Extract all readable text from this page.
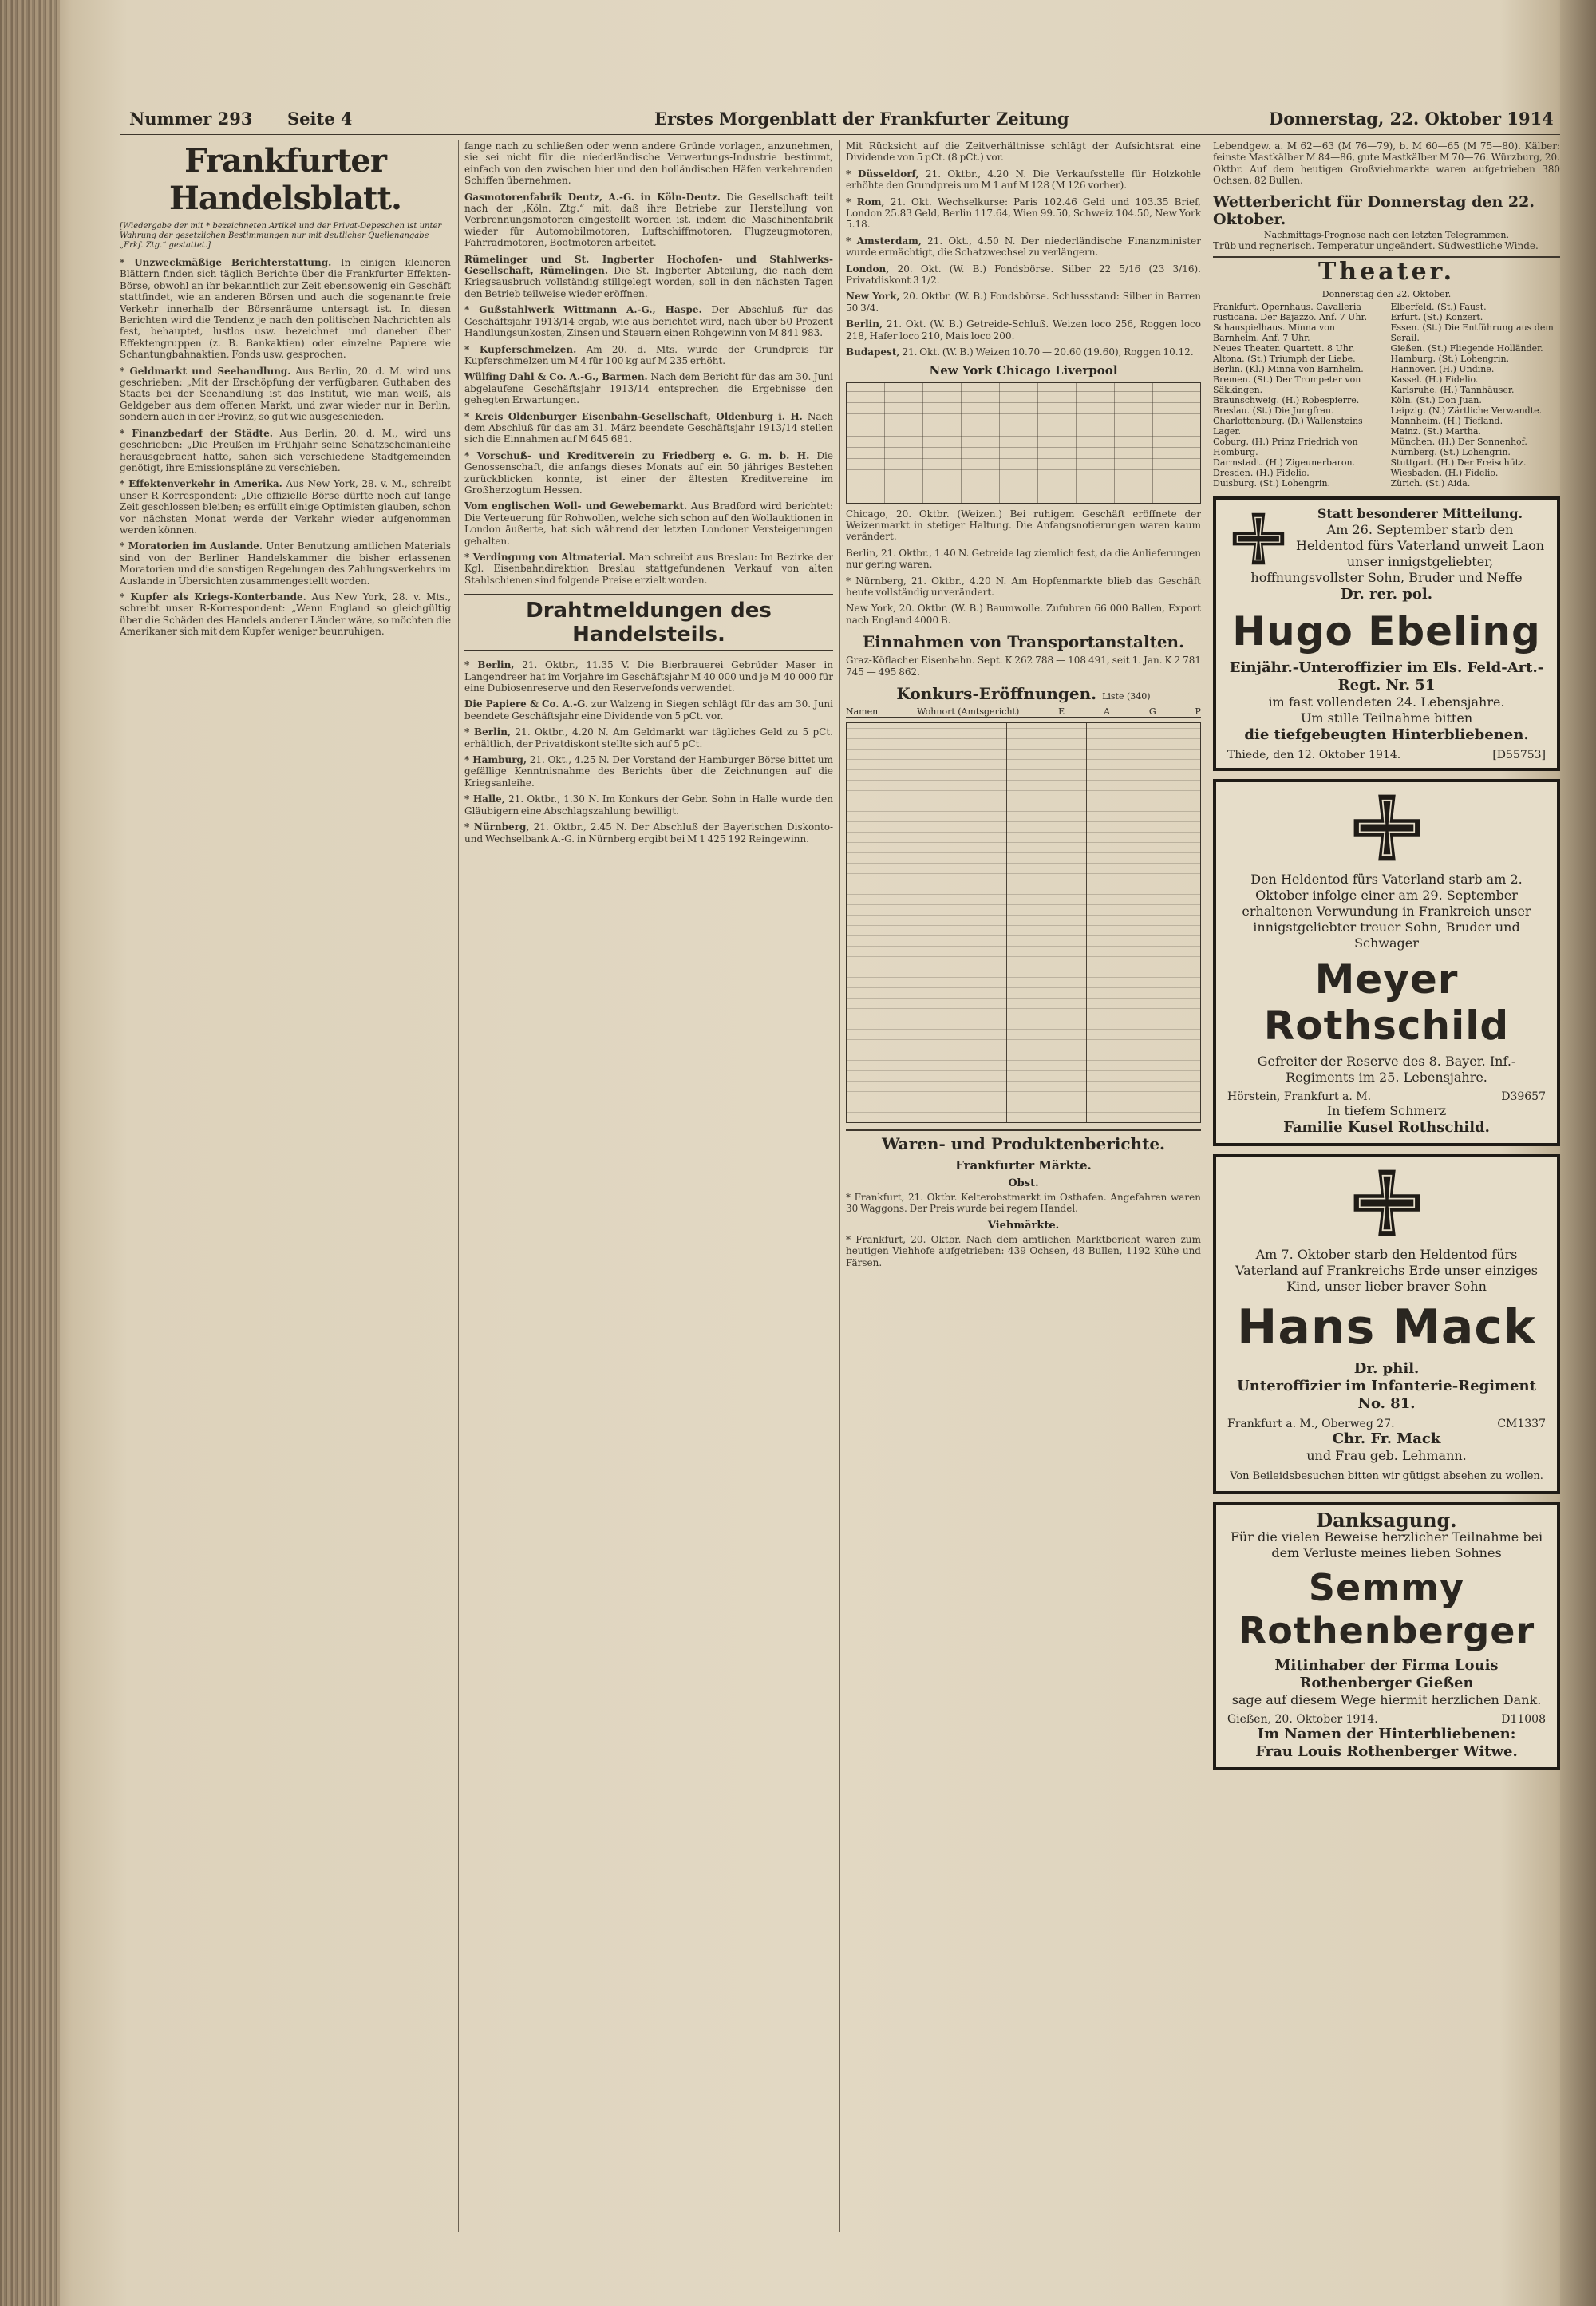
Nummer 293 Seite 4	Erstes Morgenblatt der Frankfurter Zeitung	Donnerstag, 22. Oktober 1914
Frankfurter Handelsblatt.
[Wiedergabe der mit * bezeichneten Artikel und der Privat-Depeschen ist unter Wahrung der gesetzlichen Bestimmungen nur mit deutlicher Quellenangabe „Frkf. Ztg.“ gestattet.]

* Unzweckmäßige Berichterstattung. In einigen kleineren Blättern finden sich täglich Berichte über die Frankfurter Effekten-Börse, obwohl an ihr bekanntlich zur Zeit ebensowenig ein Geschäft stattfindet, wie an anderen Börsen und auch die sogenannte freie Verkehr innerhalb der Börsenräume untersagt ist. In diesen Berichten wird die Tendenz je nach den politischen Nachrichten als fest, behauptet, lustlos usw. bezeichnet und daneben über Effektengruppen (z. B. Bankaktien) oder einzelne Papiere wie Schantungbahnaktien, Fonds usw. gesprochen.

* Geldmarkt und Seehandlung. Aus Berlin, 20. d. M. wird uns geschrieben: „Mit der Erschöpfung der verfügbaren Guthaben des Staats bei der Seehandlung ist das Institut, wie man weiß, als Geldgeber aus dem offenen Markt, und zwar wieder nur in Berlin, sondern auch in der Provinz, so gut wie ausgeschieden.

* Finanzbedarf der Städte. Aus Berlin, 20. d. M., wird uns geschrieben: „Die Preußen im Frühjahr seine Schatzscheinanleihe herausgebracht hatte, sahen sich verschiedene Stadtgemeinden genötigt, ihre Emissionspläne zu verschieben.

* Effektenverkehr in Amerika. Aus New York, 28. v. M., schreibt unser R-Korrespondent: „Die offizielle Börse dürfte noch auf lange Zeit geschlossen bleiben; es erfüllt einige Optimisten glauben, schon vor nächsten Monat werde der Verkehr wieder aufgenommen werden können.

* Moratorien im Auslande. Unter Benutzung amtlichen Materials sind von der Berliner Handelskammer die bisher erlassenen Moratorien und die sonstigen Regelungen des Zahlungsverkehrs im Auslande in Übersichten zusammengestellt worden.

* Kupfer als Kriegs-Konterbande. Aus New York, 28. v. Mts., schreibt unser R-Korrespondent: „Wenn England so gleichgültig über die Schäden des Handels anderer Länder wäre, so möchten die Amerikaner sich mit dem Kupfer weniger beunruhigen.

fange nach zu schließen oder wenn andere Gründe vorlagen, anzunehmen, sie sei nicht für die niederländische Verwertungs-Industrie bestimmt, einfach von den zwischen hier und den holländischen Häfen verkehrenden Schiffen übernehmen.

Gasmotorenfabrik Deutz, A.-G. in Köln-Deutz. Die Gesellschaft teilt nach der „Köln. Ztg.“ mit, daß ihre Betriebe zur Herstellung von Verbrennungsmotoren eingestellt worden ist, indem die Maschinenfabrik wieder für Automobilmotoren, Luftschiffmotoren, Flugzeugmotoren, Fahrradmotoren, Bootmotoren arbeitet.

Rümelinger und St. Ingberter Hochofen- und Stahlwerks-Gesellschaft, Rümelingen. Die St. Ingberter Abteilung, die nach dem Kriegsausbruch vollständig stillgelegt worden, soll in den nächsten Tagen den Betrieb teilweise wieder eröffnen.

* Gußstahlwerk Wittmann A.-G., Haspe. Der Abschluß für das Geschäftsjahr 1913/14 ergab, wie aus berichtet wird, nach über 50 Prozent Handlungsunkosten, Zinsen und Steuern einen Rohgewinn von M 841 983.

* Kupferschmelzen. Am 20. d. Mts. wurde der Grundpreis für Kupferschmelzen um M 4 für 100 kg auf M 235 erhöht.

Wülfing Dahl & Co. A.-G., Barmen. Nach dem Bericht für das am 30. Juni abgelaufene Geschäftsjahr 1913/14 entsprechen die Ergebnisse den gehegten Erwartungen.

* Kreis Oldenburger Eisenbahn-Gesellschaft, Oldenburg i. H. Nach dem Abschluß für das am 31. März beendete Geschäftsjahr 1913/14 stellen sich die Einnahmen auf M 645 681.

* Vorschuß- und Kreditverein zu Friedberg e. G. m. b. H. Die Genossenschaft, die anfangs dieses Monats auf ein 50 jähriges Bestehen zurückblicken konnte, ist einer der ältesten Kreditvereine im Großherzogtum Hessen.

Vom englischen Woll- und Gewebemarkt. Aus Bradford wird berichtet: Die Verteuerung für Rohwollen, welche sich schon auf den Wollauktionen in London äußerte, hat sich während der letzten Londoner Versteigerungen gehalten.

* Verdingung von Altmaterial. Man schreibt aus Breslau: Im Bezirke der Kgl. Eisenbahndirektion Breslau stattgefundenen Verkauf von alten Stahlschienen sind folgende Preise erzielt worden.

Drahtmeldungen des Handelsteils.

* Berlin, 21. Oktbr., 11.35 V. Die Bierbrauerei Gebrüder Maser in Langendreer hat im Vorjahre im Geschäftsjahr M 40 000 und je M 40 000 für eine Dubiosenreserve und den Reservefonds verwendet.

Die Papiere & Co. A.-G. zur Walzeng in Siegen schlägt für das am 30. Juni beendete Geschäftsjahr eine Dividende von 5 pCt. vor.

* Berlin, 21. Oktbr., 4.20 N. Am Geldmarkt war tägliches Geld zu 5 pCt. erhältlich, der Privatdiskont stellte sich auf 5 pCt.

* Hamburg, 21. Okt., 4.25 N. Der Vorstand der Hamburger Börse bittet um gefällige Kenntnisnahme des Berichts über die Zeichnungen auf die Kriegsanleihe.

* Halle, 21. Oktbr., 1.30 N. Im Konkurs der Gebr. Sohn in Halle wurde den Gläubigern eine Abschlagszahlung bewilligt.

* Nürnberg, 21. Oktbr., 2.45 N. Der Abschluß der Bayerischen Diskonto- und Wechselbank A.-G. in Nürnberg ergibt bei M 1 425 192 Reingewinn.

Mit Rücksicht auf die Zeitverhältnisse schlägt der Aufsichtsrat eine Dividende von 5 pCt. (8 pCt.) vor.

* Düsseldorf, 21. Oktbr., 4.20 N. Die Verkaufsstelle für Holzkohle erhöhte den Grundpreis um M 1 auf M 128 (M 126 vorher).

* Rom, 21. Okt. Wechselkurse: Paris 102.46 Geld und 103.35 Brief, London 25.83 Geld, Berlin 117.64, Wien 99.50, Schweiz 104.50, New York 5.18.

* Amsterdam, 21. Okt., 4.50 N. Der niederländische Finanzminister wurde ermächtigt, die Schatzwechsel zu verlängern.

London, 20. Okt. (W. B.) Fondsbörse. Silber 22 5/16 (23 3/16). Privatdiskont 3 1/2.

New York, 20. Oktbr. (W. B.) Fondsbörse. Schlussstand: Silber in Barren 50 3/4.

Berlin, 21. Okt. (W. B.) Getreide-Schluß. Weizen loco 256, Roggen loco 218, Hafer loco 210, Mais loco 200.

Budapest, 21. Okt. (W. B.) Weizen 10.70 — 20.60 (19.60), Roggen 10.12.

New York Chicago Liverpool

Chicago, 20. Oktbr. (Weizen.) Bei ruhigem Geschäft eröffnete der Weizenmarkt in stetiger Haltung. Die Anfangsnotierungen waren kaum verändert.

Berlin, 21. Oktbr., 1.40 N. Getreide lag ziemlich fest, da die Anlieferungen nur gering waren.

* Nürnberg, 21. Oktbr., 4.20 N. Am Hopfenmarkte blieb das Geschäft heute vollständig unverändert.

New York, 20. Oktbr. (W. B.) Baumwolle. Zufuhren 66 000 Ballen, Export nach England 4000 B.

Einnahmen von Transportanstalten.

Graz-Köflacher Eisenbahn. Sept. K 262 788 — 108 491, seit 1. Jan. K 2 781 745 — 495 862.

Konkurs-Eröffnungen. Liste (340)
Namen	Wohnort (Amtsgericht)	E	A	G	P
Waren- und Produktenberichte.
Frankfurter Märkte.
Obst.

* Frankfurt, 21. Oktbr. Kelterobstmarkt im Osthafen. Angefahren waren 30 Waggons. Der Preis wurde bei regem Handel.

Viehmärkte.

* Frankfurt, 20. Oktbr. Nach dem amtlichen Marktbericht waren zum heutigen Viehhofe aufgetrieben: 439 Ochsen, 48 Bullen, 1192 Kühe und Färsen.

Lebendgew. a. M 62—63 (M 76—79), b. M 60—65 (M 75—80). Kälber: feinste Mastkälber M 84—86, gute Mastkälber M 70—76. Würzburg, 20. Oktbr. Auf dem heutigen Großviehmarkte waren aufgetrieben 380 Ochsen, 82 Bullen.

Wetterbericht für Donnerstag den 22. Oktober.
Nachmittags-Prognose nach den letzten Telegrammen.

Trüb und regnerisch. Temperatur ungeändert. Südwestliche Winde.

Theater.
Donnerstag den 22. Oktober.
Frankfurt. Opernhaus. Cavalleria rusticana. Der Bajazzo. Anf. 7 Uhr.
Schauspielhaus. Minna von Barnhelm. Anf. 7 Uhr.
Neues Theater. Quartett. 8 Uhr.
Altona. (St.) Triumph der Liebe.
Berlin. (Kl.) Minna von Barnhelm.
Bremen. (St.) Der Trompeter von Säkkingen.
Braunschweig. (H.) Robespierre.
Breslau. (St.) Die Jungfrau.
Charlottenburg. (D.) Wallensteins Lager.
Coburg. (H.) Prinz Friedrich von Homburg.
Darmstadt. (H.) Zigeunerbaron.
Dresden. (H.) Fidelio.
Duisburg. (St.) Lohengrin.
Elberfeld. (St.) Faust.
Erfurt. (St.) Konzert.
Essen. (St.) Die Entführung aus dem Serail.
Gießen. (St.) Fliegende Holländer.
Hamburg. (St.) Lohengrin.
Hannover. (H.) Undine.
Kassel. (H.) Fidelio.
Karlsruhe. (H.) Tannhäuser.
Köln. (St.) Don Juan.
Leipzig. (N.) Zärtliche Verwandte.
Mannheim. (H.) Tiefland.
Mainz. (St.) Martha.
München. (H.) Der Sonnenhof.
Nürnberg. (St.) Lohengrin.
Stuttgart. (H.) Der Freischütz.
Wiesbaden. (H.) Fidelio.
Zürich. (St.) Aida.
Statt besonderer Mitteilung.
Am 26. September starb den Heldentod fürs Vaterland unweit Laon unser innigstgeliebter, hoffnungsvollster Sohn, Bruder und Neffe
Dr. rer. pol.
Hugo Ebeling
Einjähr.-Unteroffizier im Els. Feld-Art.-Regt. Nr. 51
im fast vollendeten 24. Lebensjahre.
Um stille Teilnahme bitten
die tiefgebeugten Hinterbliebenen.
Thiede, den 12. Oktober 1914.	[D55753]
Den Heldentod fürs Vaterland starb am 2. Oktober infolge einer am 29. September erhaltenen Verwundung in Frankreich unser innigstgeliebter treuer Sohn, Bruder und Schwager
Meyer Rothschild
Gefreiter der Reserve des 8. Bayer. Inf.-Regiments im 25. Lebensjahre.
Hörstein, Frankfurt a. M.	D39657
In tiefem Schmerz
Familie Kusel Rothschild.
Am 7. Oktober starb den Heldentod fürs Vaterland auf Frankreichs Erde unser einziges Kind, unser lieber braver Sohn
Hans Mack
Dr. phil.
Unteroffizier im Infanterie-Regiment No. 81.
Frankfurt a. M., Oberweg 27.	CM1337
Chr. Fr. Mack
und Frau geb. Lehmann.
Von Beileidsbesuchen bitten wir gütigst absehen zu wollen.
Danksagung.
Für die vielen Beweise herzlicher Teilnahme bei dem Verluste meines lieben Sohnes
Semmy Rothenberger
Mitinhaber der Firma Louis Rothenberger Gießen
sage auf diesem Wege hiermit herzlichen Dank.
Gießen, 20. Oktober 1914.	D11008
Im Namen der Hinterbliebenen:
Frau Louis Rothenberger Witwe.
